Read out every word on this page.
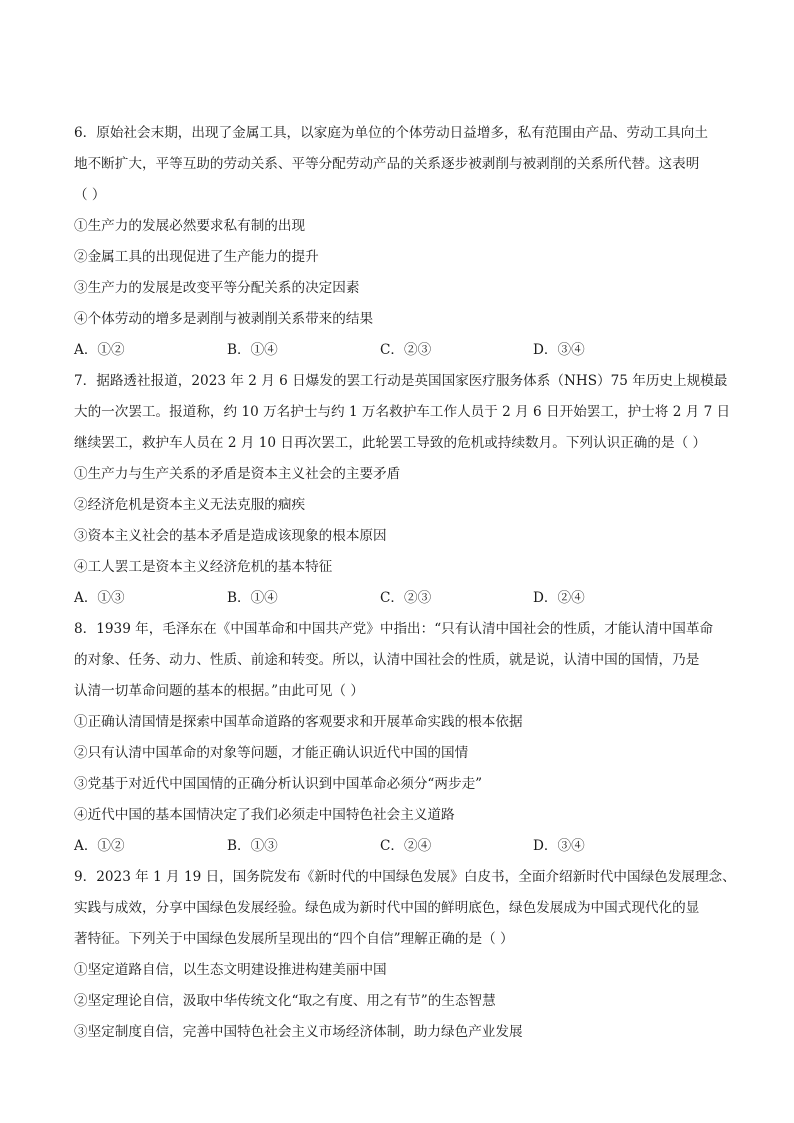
6．原始社会末期，出现了金属工具，以家庭为单位的个体劳动日益增多，私有范围由产品、劳动工具向土
地不断扩大，平等互助的劳动关系、平等分配劳动产品的关系逐步被剥削与被剥削的关系所代替。这表明
（ ）

①生产力的发展必然要求私有制的出现
②金属工具的出现促进了生产能力的提升
③生产力的发展是改变平等分配关系的决定因素
④个体劳动的增多是剥削与被剥削关系带来的结果
A．①②	B．①④	C．②③	D．③④

7．据路透社报道，2023 年 2 月 6 日爆发的罢工行动是英国国家医疗服务体系（NHS）75 年历史上规模最
大的一次罢工。报道称，约 10 万名护士与约 1 万名救护车工作人员于 2 月 6 日开始罢工，护士将 2 月 7 日
继续罢工，救护车人员在 2 月 10 日再次罢工，此轮罢工导致的危机或持续数月。下列认识正确的是（ ）

①生产力与生产关系的矛盾是资本主义社会的主要矛盾
②经济危机是资本主义无法克服的痼疾
③资本主义社会的基本矛盾是造成该现象的根本原因
④工人罢工是资本主义经济危机的基本特征
A．①③	B．①④	C．②③	D．②④

8．1939 年，毛泽东在《中国革命和中国共产党》中指出：“只有认清中国社会的性质，才能认清中国革命
的对象、任务、动力、性质、前途和转变。所以，认清中国社会的性质，就是说，认清中国的国情，乃是
认清一切革命问题的基本的根据。”由此可见（ ）

①正确认清国情是探索中国革命道路的客观要求和开展革命实践的根本依据
②只有认清中国革命的对象等问题，才能正确认识近代中国的国情
③党基于对近代中国国情的正确分析认识到中国革命必须分“两步走”
④近代中国的基本国情决定了我们必须走中国特色社会主义道路
A．①②	B．①③	C．②④	D．③④

9．2023 年 1 月 19 日，国务院发布《新时代的中国绿色发展》白皮书，全面介绍新时代中国绿色发展理念、
实践与成效，分享中国绿色发展经验。绿色成为新时代中国的鲜明底色，绿色发展成为中国式现代化的显
著特征。下列关于中国绿色发展所呈现出的“四个自信”理解正确的是（ ）

①坚定道路自信，以生态文明建设推进构建美丽中国
②坚定理论自信，汲取中华传统文化“取之有度、用之有节”的生态智慧
③坚定制度自信，完善中国特色社会主义市场经济体制，助力绿色产业发展
